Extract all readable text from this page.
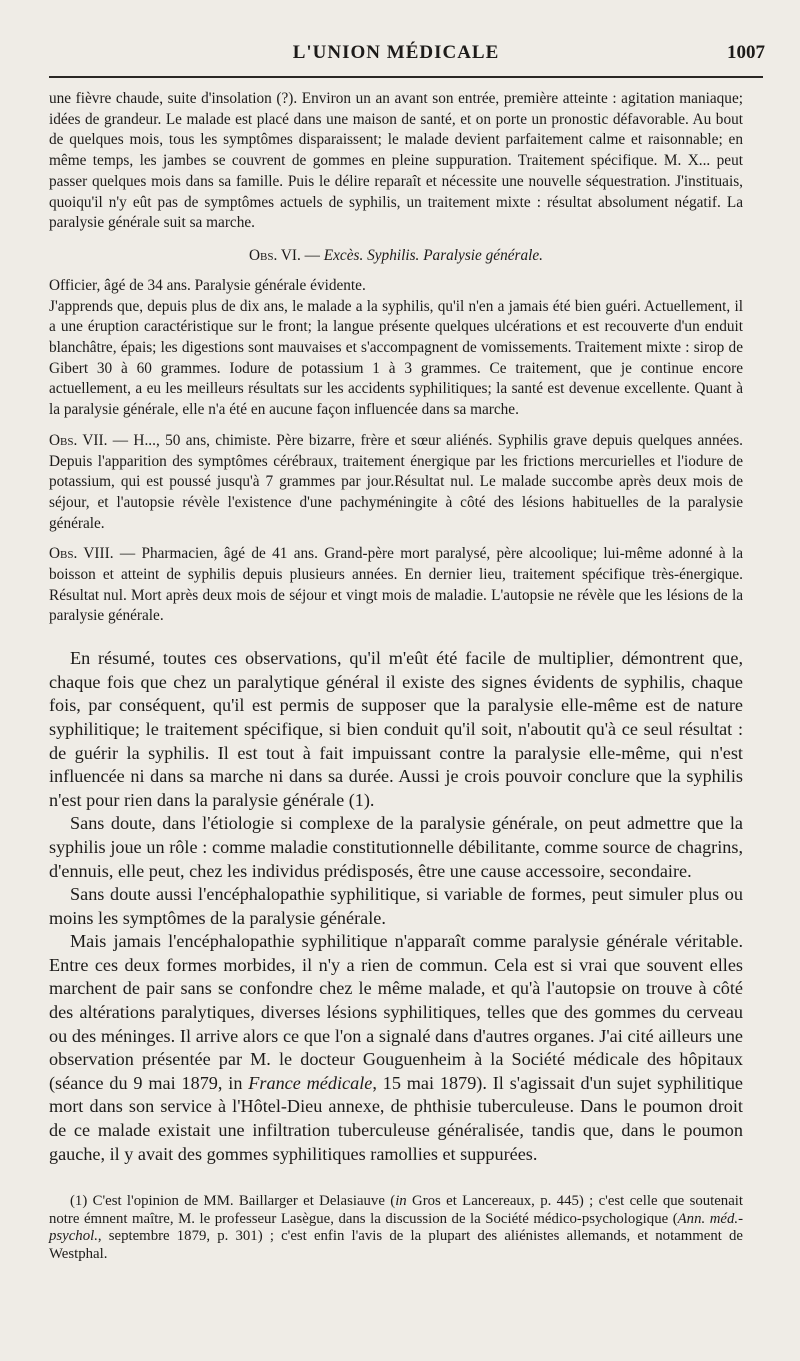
L'UNION MÉDICALE	1007

une fièvre chaude, suite d'insolation (?). Environ un an avant son entrée, première atteinte : agitation maniaque; idées de grandeur. Le malade est placé dans une maison de santé, et on porte un pronostic défavorable. Au bout de quelques mois, tous les symptômes disparaissent; le malade devient parfaitement calme et raisonnable; en même temps, les jambes se couvrent de gommes en pleine suppuration. Traitement spécifique. M. X... peut passer quelques mois dans sa famille. Puis le délire reparaît et nécessite une nouvelle séquestration. J'instituais, quoiqu'il n'y eût pas de symptômes actuels de syphilis, un traitement mixte : résultat absolument négatif. La paralysie générale suit sa marche.

Obs. VI. — Excès. Syphilis. Paralysie générale.

Officier, âgé de 34 ans. Paralysie générale évidente.

J'apprends que, depuis plus de dix ans, le malade a la syphilis, qu'il n'en a jamais été bien guéri. Actuellement, il a une éruption caractéristique sur le front; la langue présente quelques ulcérations et est recouverte d'un enduit blanchâtre, épais; les digestions sont mauvaises et s'accompagnent de vomissements. Traitement mixte : sirop de Gibert 30 à 60 grammes. Iodure de potassium 1 à 3 grammes. Ce traitement, que je continue encore actuellement, a eu les meilleurs résultats sur les accidents syphilitiques; la santé est devenue excellente. Quant à la paralysie générale, elle n'a été en aucune façon influencée dans sa marche.

Obs. VII. — H..., 50 ans, chimiste. Père bizarre, frère et sœur aliénés. Syphilis grave depuis quelques années. Depuis l'apparition des symptômes cérébraux, traitement énergique par les frictions mercurielles et l'iodure de potassium, qui est poussé jusqu'à 7 grammes par jour.Résultat nul. Le malade succombe après deux mois de séjour, et l'autopsie révèle l'existence d'une pachyméningite à côté des lésions habituelles de la paralysie générale.

Obs. VIII. — Pharmacien, âgé de 41 ans. Grand-père mort paralysé, père alcoolique; lui-même adonné à la boisson et atteint de syphilis depuis plusieurs années. En dernier lieu, traitement spécifique très-énergique. Résultat nul. Mort après deux mois de séjour et vingt mois de maladie. L'autopsie ne révèle que les lésions de la paralysie générale.

En résumé, toutes ces observations, qu'il m'eût été facile de multiplier, démontrent que, chaque fois que chez un paralytique général il existe des signes évidents de syphilis, chaque fois, par conséquent, qu'il est permis de supposer que la paralysie elle-même est de nature syphilitique; le traitement spécifique, si bien conduit qu'il soit, n'aboutit qu'à ce seul résultat : de guérir la syphilis. Il est tout à fait impuissant contre la paralysie elle-même, qui n'est influencée ni dans sa marche ni dans sa durée. Aussi je crois pouvoir conclure que la syphilis n'est pour rien dans la paralysie générale (1).

Sans doute, dans l'étiologie si complexe de la paralysie générale, on peut admettre que la syphilis joue un rôle : comme maladie constitutionnelle débilitante, comme source de chagrins, d'ennuis, elle peut, chez les individus prédisposés, être une cause accessoire, secondaire.

Sans doute aussi l'encéphalopathie syphilitique, si variable de formes, peut simuler plus ou moins les symptômes de la paralysie générale.

Mais jamais l'encéphalopathie syphilitique n'apparaît comme paralysie générale véritable. Entre ces deux formes morbides, il n'y a rien de commun. Cela est si vrai que souvent elles marchent de pair sans se confondre chez le même malade, et qu'à l'autopsie on trouve à côté des altérations paralytiques, diverses lésions syphilitiques, telles que des gommes du cerveau ou des méninges. Il arrive alors ce que l'on a signalé dans d'autres organes. J'ai cité ailleurs une observation présentée par M. le docteur Gouguenheim à la Société médicale des hôpitaux (séance du 9 mai 1879, in France médicale, 15 mai 1879). Il s'agissait d'un sujet syphilitique mort dans son service à l'Hôtel-Dieu annexe, de phthisie tuberculeuse. Dans le poumon droit de ce malade existait une infiltration tuberculeuse généralisée, tandis que, dans le poumon gauche, il y avait des gommes syphilitiques ramollies et suppurées.

(1) C'est l'opinion de MM. Baillarger et Delasiauve (in Gros et Lancereaux, p. 445) ; c'est celle que soutenait notre émnent maître, M. le professeur Lasègue, dans la discussion de la Société médico-psychologique (Ann. méd.-psychol., septembre 1879, p. 301) ; c'est enfin l'avis de la plupart des aliénistes allemands, et notamment de Westphal.
